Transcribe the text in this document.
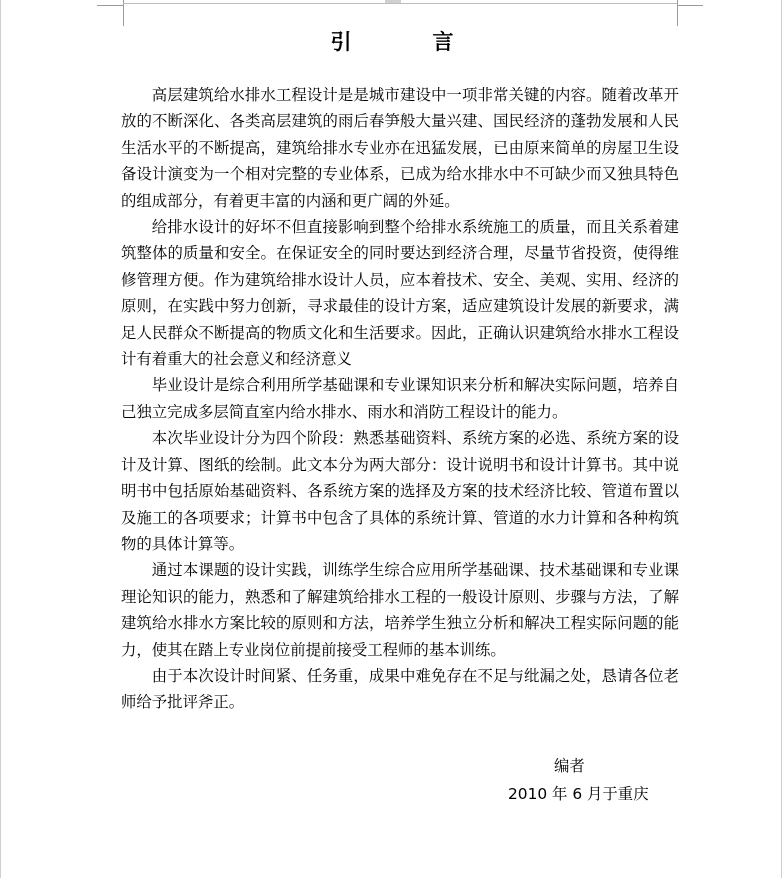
引　言

高层建筑给水排水工程设计是是城市建设中一项非常关键的内容。随着改革开放的不断深化、各类高层建筑的雨后春笋般大量兴建、国民经济的蓬勃发展和人民生活水平的不断提高，建筑给排水专业亦在迅猛发展，已由原来简单的房屋卫生设备设计演变为一个相对完整的专业体系，已成为给水排水中不可缺少而又独具特色的组成部分，有着更丰富的内涵和更广阔的外延。

给排水设计的好坏不但直接影响到整个给排水系统施工的质量，而且关系着建筑整体的质量和安全。在保证安全的同时要达到经济合理，尽量节省投资，使得维修管理方便。作为建筑给排水设计人员，应本着技术、安全、美观、实用、经济的原则，在实践中努力创新，寻求最佳的设计方案，适应建筑设计发展的新要求，满足人民群众不断提高的物质文化和生活要求。因此，正确认识建筑给水排水工程设计有着重大的社会意义和经济意义

毕业设计是综合利用所学基础课和专业课知识来分析和解决实际问题，培养自己独立完成多层简直室内给水排水、雨水和消防工程设计的能力。

本次毕业设计分为四个阶段：熟悉基础资料、系统方案的必选、系统方案的设计及计算、图纸的绘制。此文本分为两大部分：设计说明书和设计计算书。其中说明书中包括原始基础资料、各系统方案的选择及方案的技术经济比较、管道布置以及施工的各项要求；计算书中包含了具体的系统计算、管道的水力计算和各种构筑物的具体计算等。

通过本课题的设计实践，训练学生综合应用所学基础课、技术基础课和专业课理论知识的能力，熟悉和了解建筑给排水工程的一般设计原则、步骤与方法，了解建筑给水排水方案比较的原则和方法，培养学生独立分析和解决工程实际问题的能力，使其在踏上专业岗位前提前接受工程师的基本训练。

由于本次设计时间紧、任务重，成果中难免存在不足与纰漏之处，恳请各位老师给予批评斧正。

编者
2010 年 6 月于重庆
